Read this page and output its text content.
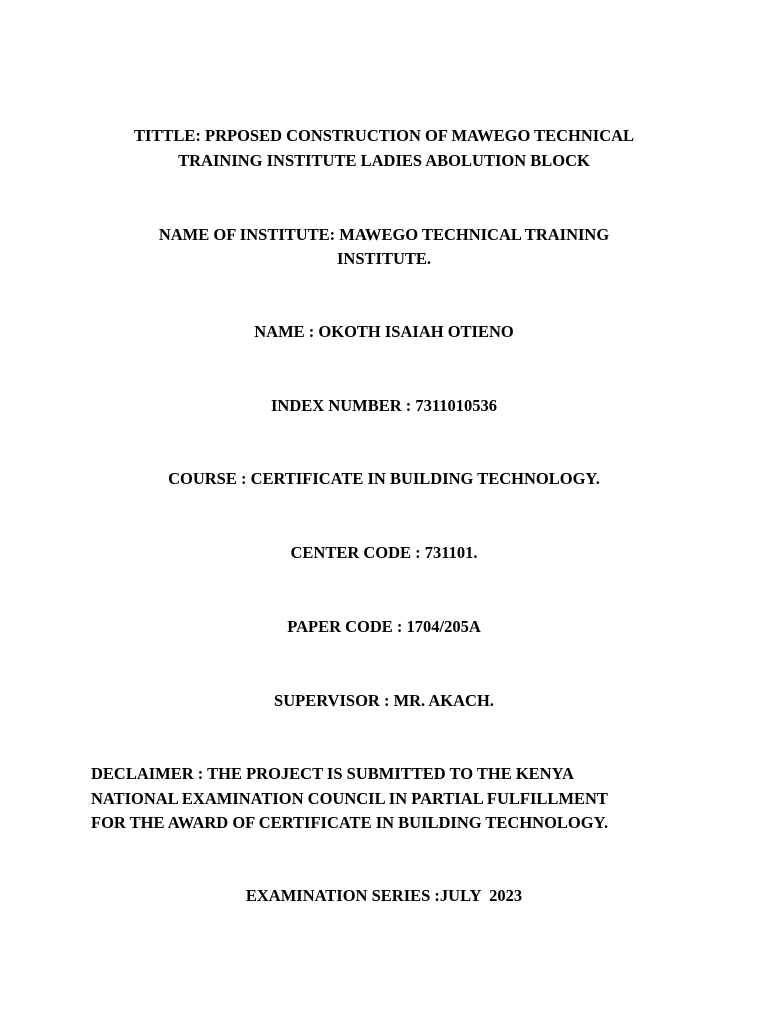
TITTLE: PRPOSED CONSTRUCTION OF MAWEGO TECHNICAL

TRAINING INSTITUTE LADIES ABOLUTION BLOCK

NAME OF INSTITUTE: MAWEGO TECHNICAL TRAINING

INSTITUTE.

NAME : OKOTH ISAIAH OTIENO

INDEX NUMBER : 7311010536

COURSE : CERTIFICATE IN BUILDING TECHNOLOGY.

CENTER CODE : 731101.

PAPER CODE : 1704/205A

SUPERVISOR : MR. AKACH.

DECLAIMER : THE PROJECT IS SUBMITTED TO THE KENYA

NATIONAL EXAMINATION COUNCIL IN PARTIAL FULFILLMENT

FOR THE AWARD OF CERTIFICATE IN BUILDING TECHNOLOGY.

EXAMINATION SERIES :JULY  2023
